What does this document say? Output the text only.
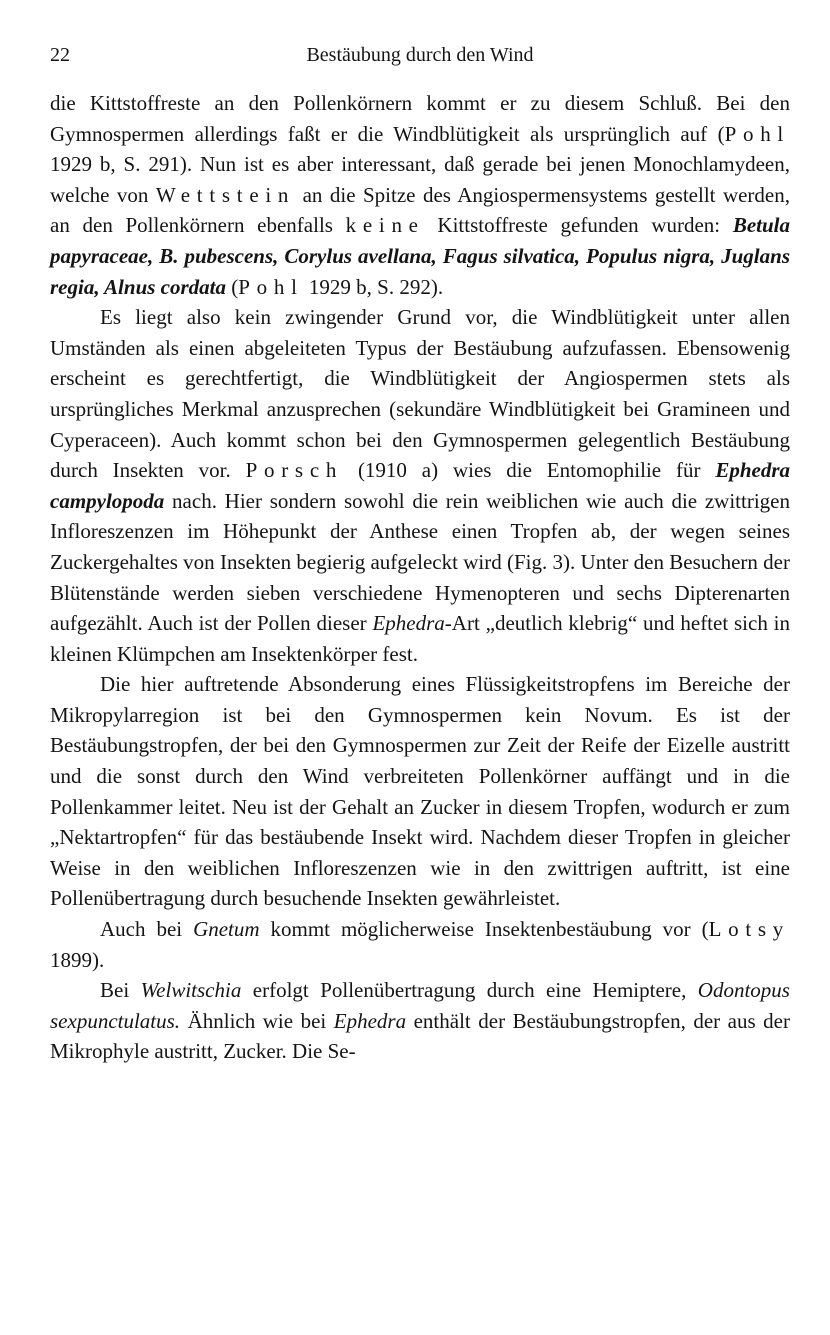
22	Bestäubung durch den Wind

die Kittstoffreste an den Pollenkörnern kommt er zu diesem Schluß. Bei den Gymnospermen allerdings faßt er die Windblütigkeit als ursprünglich auf (Pohl 1929 b, S. 291). Nun ist es aber interessant, daß gerade bei jenen Monochlamydeen, welche von Wettstein an die Spitze des Angiospermensystems gestellt werden, an den Pollenkörnern ebenfalls keine Kittstoffreste gefunden wurden: Betula papyraceae, B. pubescens, Corylus avellana, Fagus silvatica, Populus nigra, Juglans regia, Alnus cordata (Pohl 1929 b, S. 292).

Es liegt also kein zwingender Grund vor, die Windblütigkeit unter allen Umständen als einen abgeleiteten Typus der Bestäubung aufzufassen. Ebensowenig erscheint es gerechtfertigt, die Windblütigkeit der Angiospermen stets als ursprüngliches Merkmal anzusprechen (sekundäre Windblütigkeit bei Gramineen und Cyperaceen). Auch kommt schon bei den Gymnospermen gelegentlich Bestäubung durch Insekten vor. Porsch (1910 a) wies die Entomophilie für Ephedra campylopoda nach. Hier sondern sowohl die rein weiblichen wie auch die zwittrigen Infloreszenzen im Höhepunkt der Anthese einen Tropfen ab, der wegen seines Zuckergehaltes von Insekten begierig aufgeleckt wird (Fig. 3). Unter den Besuchern der Blütenstände werden sieben verschiedene Hymenopteren und sechs Dipterenarten aufgezählt. Auch ist der Pollen dieser Ephedra-Art „deutlich klebrig“ und heftet sich in kleinen Klümpchen am Insektenkörper fest.

Die hier auftretende Absonderung eines Flüssigkeitstropfens im Bereiche der Mikropylarregion ist bei den Gymnospermen kein Novum. Es ist der Bestäubungstropfen, der bei den Gymnospermen zur Zeit der Reife der Eizelle austritt und die sonst durch den Wind verbreiteten Pollenkörner auffängt und in die Pollenkammer leitet. Neu ist der Gehalt an Zucker in diesem Tropfen, wodurch er zum „Nektartropfen“ für das bestäubende Insekt wird. Nachdem dieser Tropfen in gleicher Weise in den weiblichen Infloreszenzen wie in den zwittrigen auftritt, ist eine Pollenübertragung durch besuchende Insekten gewährleistet.

Auch bei Gnetum kommt möglicherweise Insektenbestäubung vor (Lotsy 1899).

Bei Welwitschia erfolgt Pollenübertragung durch eine Hemiptere, Odontopus sexpunctulatus. Ähnlich wie bei Ephedra enthält der Bestäubungstropfen, der aus der Mikrophyle austritt, Zucker. Die Se-
